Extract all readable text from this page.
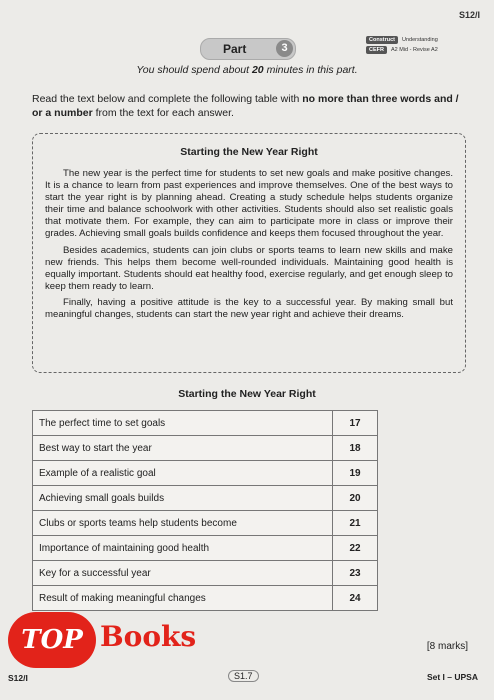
S12/I
Part	3
Construct	Understanding
CEFR	A2 Mid - Revise A2
You should spend about 20 minutes in this part.
Read the text below and complete the following table with no more than three words and / or a number from the text for each answer.
Starting the New Year Right

The new year is the perfect time for students to set new goals and make positive changes. It is a chance to learn from past experiences and improve themselves. One of the best ways to start the year right is by planning ahead. Creating a study schedule helps students organize their time and balance schoolwork with other activities. Students should also set realistic goals that motivate them. For example, they can aim to participate more in class or improve their grades. Achieving small goals builds confidence and keeps them focused throughout the year.

Besides academics, students can join clubs or sports teams to learn new skills and make new friends. This helps them become well-rounded individuals. Maintaining good health is equally important. Students should eat healthy food, exercise regularly, and get enough sleep to keep them ready to learn.

Finally, having a positive attitude is the key to a successful year. By making small but meaningful changes, students can start the new year right and achieve their dreams.

Starting the New Year Right
The perfect time to set goals	17
Best way to start the year	18
Example of a realistic goal	19
Achieving small goals builds	20
Clubs or sports teams help students become	21
Importance of maintaining good health	22
Key for a successful year	23
Result of making meaningful changes	24
[8 marks]
TOP Books
S12/I	S1.7	Set I – UPSA
